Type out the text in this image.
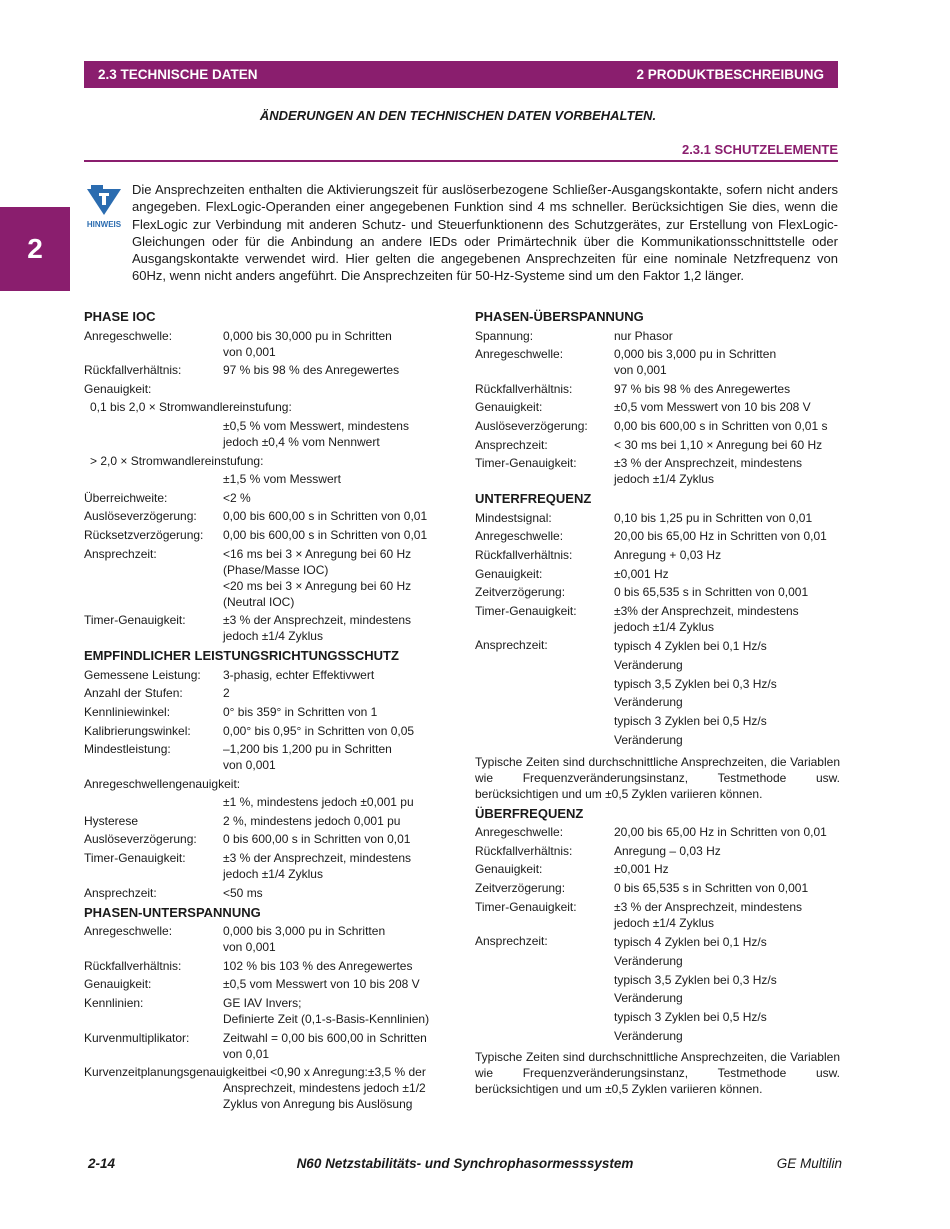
2.3 TECHNISCHE DATEN	2 PRODUKTBESCHREIBUNG
ÄNDERUNGEN AN DEN TECHNISCHEN DATEN VORBEHALTEN.
2.3.1 SCHUTZELEMENTE
2
HINWEIS
Die Ansprechzeiten enthalten die Aktivierungszeit für auslöserbezogene Schließer-Ausgangskontakte, sofern nicht anders angegeben. FlexLogic-Operanden einer angegebenen Funktion sind 4 ms schneller. Berücksichtigen Sie dies, wenn die FlexLogic zur Verbindung mit anderen Schutz- und Steuerfunktionenn des Schutzgerätes, zur Erstellung von FlexLogic-Gleichungen oder für die Anbindung an andere IEDs oder Primärtechnik über die Kommunikationsschnittstelle oder Ausgangskontakte verwendet wird. Hier gelten die angegebenen Ansprechzeiten für eine nominale Netzfrequenz von 60Hz, wenn nicht anders angeführt. Die Ansprechzeiten für 50-Hz-Systeme sind um den Faktor 1,2 länger.
PHASE IOC
Anregeschwelle:	0,000 bis 30,000 pu in Schritten
von 0,001
Rückfallverhältnis:	97 % bis 98 % des Anregewertes
Genauigkeit:
0,1 bis 2,0 × Stromwandlereinstufung:
±0,5 % vom Messwert, mindestens
jedoch ±0,4 % vom Nennwert
> 2,0 × Stromwandlereinstufung:
±1,5 % vom Messwert
Überreichweite:	<2 %
Auslöseverzögerung:	0,00 bis 600,00 s in Schritten von 0,01
Rücksetzverzögerung:	0,00 bis 600,00 s in Schritten von 0,01
Ansprechzeit:	<16 ms bei 3 × Anregung bei 60 Hz
(Phase/Masse IOC)
<20 ms bei 3 × Anregung bei 60 Hz
(Neutral IOC)
Timer-Genauigkeit:	±3 % der Ansprechzeit, mindestens
jedoch ±1/4 Zyklus
EMPFINDLICHER LEISTUNGSRICHTUNGSSCHUTZ
Gemessene Leistung:	3-phasig, echter Effektivwert
Anzahl der Stufen:	2
Kennliniewinkel:	0° bis 359° in Schritten von 1
Kalibrierungswinkel:	0,00° bis 0,95° in Schritten von 0,05
Mindestleistung:	–1,200 bis 1,200 pu in Schritten
von 0,001
Anregeschwellengenauigkeit:
±1 %, mindestens jedoch ±0,001 pu
Hysterese	2 %, mindestens jedoch 0,001 pu
Auslöseverzögerung:	0 bis 600,00 s in Schritten von 0,01
Timer-Genauigkeit:	±3 % der Ansprechzeit, mindestens
jedoch ±1/4 Zyklus
Ansprechzeit:	<50 ms
PHASEN-UNTERSPANNUNG
Anregeschwelle:	0,000 bis 3,000 pu in Schritten
von 0,001
Rückfallverhältnis:	102 % bis 103 % des Anregewertes
Genauigkeit:	±0,5 vom Messwert von 10 bis 208 V
Kennlinien:	GE IAV Invers;
Definierte Zeit (0,1-s-Basis-Kennlinien)
Kurvenmultiplikator:	Zeitwahl = 0,00 bis 600,00 in Schritten
von 0,01
Kurvenzeitplanungsgenauigkeitbei <0,90 x Anregung:±3,5 % der
Ansprechzeit, mindestens jedoch ±1/2
Zyklus von Anregung bis Auslösung
PHASEN-ÜBERSPANNUNG
Spannung:	nur Phasor
Anregeschwelle:	0,000 bis 3,000 pu in Schritten
von 0,001
Rückfallverhältnis:	97 % bis 98 % des Anregewertes
Genauigkeit:	±0,5 vom Messwert von 10 bis 208 V
Auslöseverzögerung:	0,00 bis 600,00 s in Schritten von 0,01 s
Ansprechzeit:	< 30 ms bei 1,10 × Anregung bei 60 Hz
Timer-Genauigkeit:	±3 % der Ansprechzeit, mindestens
jedoch ±1/4 Zyklus
UNTERFREQUENZ
Mindestsignal:	0,10 bis 1,25 pu in Schritten von 0,01
Anregeschwelle:	20,00 bis 65,00 Hz in Schritten von 0,01
Rückfallverhältnis:	Anregung + 0,03 Hz
Genauigkeit:	±0,001 Hz
Zeitverzögerung:	0 bis 65,535 s in Schritten von 0,001
Timer-Genauigkeit:	±3% der Ansprechzeit, mindestens
jedoch ±1/4 Zyklus
Ansprechzeit:	typisch 4 Zyklen bei 0,1 Hz/s
Veränderung
typisch 3,5 Zyklen bei 0,3 Hz/s
Veränderung
typisch 3 Zyklen bei 0,5 Hz/s
Veränderung
Typische Zeiten sind durchschnittliche Ansprechzeiten, die Variablen wie Frequenzveränderungsinstanz, Testmethode usw. berücksichtigen und um ±0,5 Zyklen variieren können.
ÜBERFREQUENZ
Anregeschwelle:	20,00 bis 65,00 Hz in Schritten von 0,01
Rückfallverhältnis:	Anregung – 0,03 Hz
Genauigkeit:	±0,001 Hz
Zeitverzögerung:	0 bis 65,535 s in Schritten von 0,001
Timer-Genauigkeit:	±3 % der Ansprechzeit, mindestens
jedoch ±1/4 Zyklus
Ansprechzeit:	typisch 4 Zyklen bei 0,1 Hz/s
Veränderung
typisch 3,5 Zyklen bei 0,3 Hz/s
Veränderung
typisch 3 Zyklen bei 0,5 Hz/s
Veränderung
Typische Zeiten sind durchschnittliche Ansprechzeiten, die Variablen wie Frequenzveränderungsinstanz, Testmethode usw. berücksichtigen und um ±0,5 Zyklen variieren können.
2-14	N60 Netzstabilitäts- und Synchrophasormesssystem	GE Multilin
